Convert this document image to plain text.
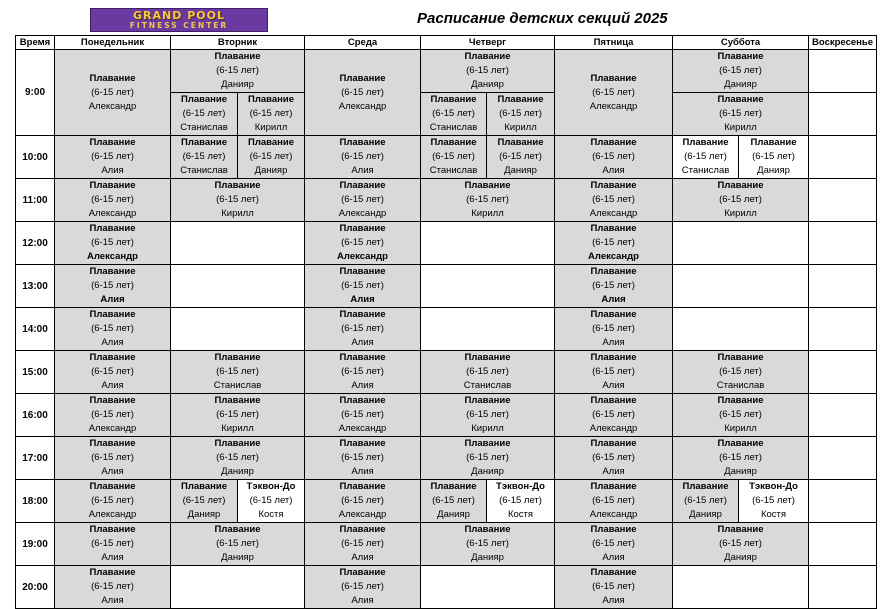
GRAND POOL
FITNESS CENTER	Расписание детских секций 2025
Время	Понедельник	Вторник		Среда	Четверг		Пятница	Суббота		Воскресенье
9:00	Плавание
(6-15 лет)
Александр	Плавание
(6-15 лет)
Данияр		Плавание
(6-15 лет)
Александр	Плавание
(6-15 лет)
Данияр		Плавание
(6-15 лет)
Александр	Плавание
(6-15 лет)
Данияр		

		Плавание
(6-15 лет)
Станислав	Плавание
(6-15 лет)
Кирилл		Плавание
(6-15 лет)
Станислав	Плавание
(6-15 лет)
Кирилл		Плавание
(6-15 лет)
Кирилл		

10:00	Плавание
(6-15 лет)
Алия	Плавание
(6-15 лет)
Станислав	Плавание
(6-15 лет)
Данияр	Плавание
(6-15 лет)
Алия	Плавание
(6-15 лет)
Станислав	Плавание
(6-15 лет)
Данияр	Плавание
(6-15 лет)
Алия	Плавание
(6-15 лет)
Станислав	Плавание
(6-15 лет)
Данияр	

11:00	Плавание
(6-15 лет)
Александр	Плавание
(6-15 лет)
Кирилл		Плавание
(6-15 лет)
Александр	Плавание
(6-15 лет)
Кирилл		Плавание
(6-15 лет)
Александр	Плавание
(6-15 лет)
Кирилл		

12:00	Плавание
(6-15 лет)
Александр			Плавание
(6-15 лет)
Александр			Плавание
(6-15 лет)
Александр			

13:00	Плавание
(6-15 лет)
Алия			Плавание
(6-15 лет)
Алия			Плавание
(6-15 лет)
Алия			

14:00	Плавание
(6-15 лет)
Алия			Плавание
(6-15 лет)
Алия			Плавание
(6-15 лет)
Алия			

15:00	Плавание
(6-15 лет)
Алия	Плавание
(6-15 лет)
Станислав		Плавание
(6-15 лет)
Алия	Плавание
(6-15 лет)
Станислав		Плавание
(6-15 лет)
Алия	Плавание
(6-15 лет)
Станислав		

16:00	Плавание
(6-15 лет)
Александр	Плавание
(6-15 лет)
Кирилл		Плавание
(6-15 лет)
Александр	Плавание
(6-15 лет)
Кирилл		Плавание
(6-15 лет)
Александр	Плавание
(6-15 лет)
Кирилл		

17:00	Плавание
(6-15 лет)
Алия	Плавание
(6-15 лет)
Данияр		Плавание
(6-15 лет)
Алия	Плавание
(6-15 лет)
Данияр		Плавание
(6-15 лет)
Алия	Плавание
(6-15 лет)
Данияр		

18:00	Плавание
(6-15 лет)
Александр	Плавание
(6-15 лет)
Данияр	Тэквон-До
(6-15 лет)
Костя	Плавание
(6-15 лет)
Александр	Плавание
(6-15 лет)
Данияр	Тэквон-До
(6-15 лет)
Костя	Плавание
(6-15 лет)
Александр	Плавание
(6-15 лет)
Данияр	Тэквон-До
(6-15 лет)
Костя	

19:00	Плавание
(6-15 лет)
Алия	Плавание
(6-15 лет)
Данияр		Плавание
(6-15 лет)
Алия	Плавание
(6-15 лет)
Данияр		Плавание
(6-15 лет)
Алия	Плавание
(6-15 лет)
Данияр		

20:00	Плавание
(6-15 лет)
Алия			Плавание
(6-15 лет)
Алия			Плавание
(6-15 лет)
Алия			
